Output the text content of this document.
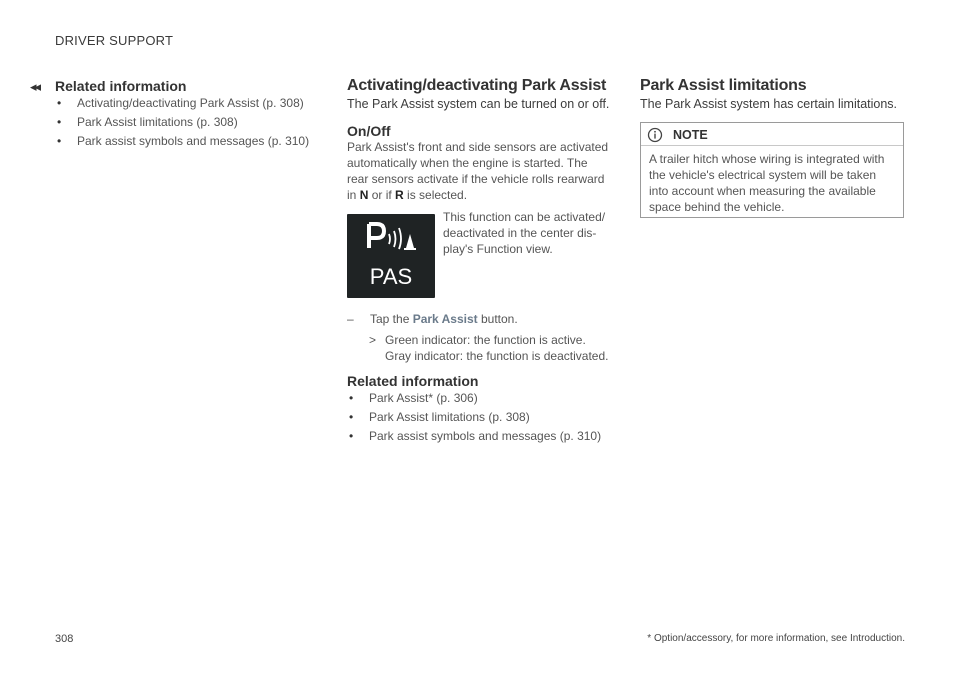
DRIVER SUPPORT
◂◂ Related information
• Activating/deactivating Park Assist (p. 308)
• Park Assist limitations (p. 308)
• Park assist symbols and messages (p. 310)
Activating/deactivating Park Assist

The Park Assist system can be turned on or off.

On/Off
Park Assist's front and side sensors are activated
automatically when the engine is started. The
rear sensors activate if the vehicle rolls rearward
in N or if R is selected.
PAS
This function can be activated/
deactivated in the center dis-
play's Function view.
– Tap the Park Assist button.
> Green indicator: the function is active.
Gray indicator: the function is deactivated.
Related information
• Park Assist* (p. 306)
• Park Assist limitations (p. 308)
• Park assist symbols and messages (p. 310)
Park Assist limitations

The Park Assist system has certain limitations.

NOTE
A trailer hitch whose wiring is integrated with the vehicle's electrical system will be taken into account when measuring the available space behind the vehicle.
308	* Option/accessory, for more information, see Introduction.
